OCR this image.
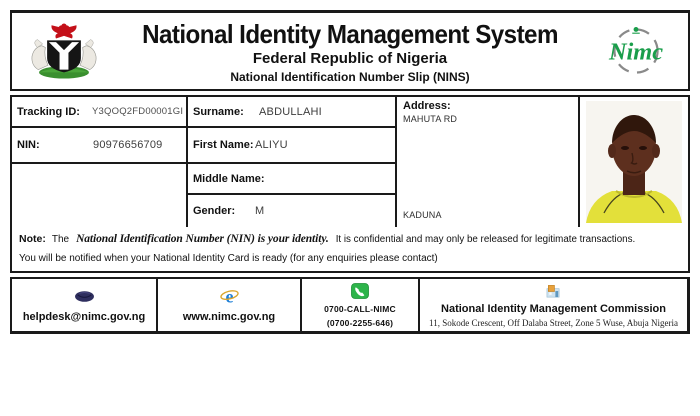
National Identity Management System
Federal Republic of Nigeria
National Identification Number Slip (NINS)
Nimc
Tracking ID:	Y3QOQ2FD00001GI
NIN:	90976656709
Surname:	ABDULLAHI
First Name: ALIYU
Middle Name:
Gender:	M
Address:
MAHUTA RD
KADUNA
Note: The National Identification Number (NIN) is your identity. It is confidential and may only be released for legitimate transactions.
You will be notified when your National Identity Card is ready (for any enquiries please contact)
helpdesk@nimc.gov.ng
e
www.nimc.gov.ng
0700-CALL-NIMC
(0700-2255-646)
National Identity Management Commission
11, Sokode Crescent, Off Dalaba Street, Zone 5 Wuse, Abuja Nigeria
